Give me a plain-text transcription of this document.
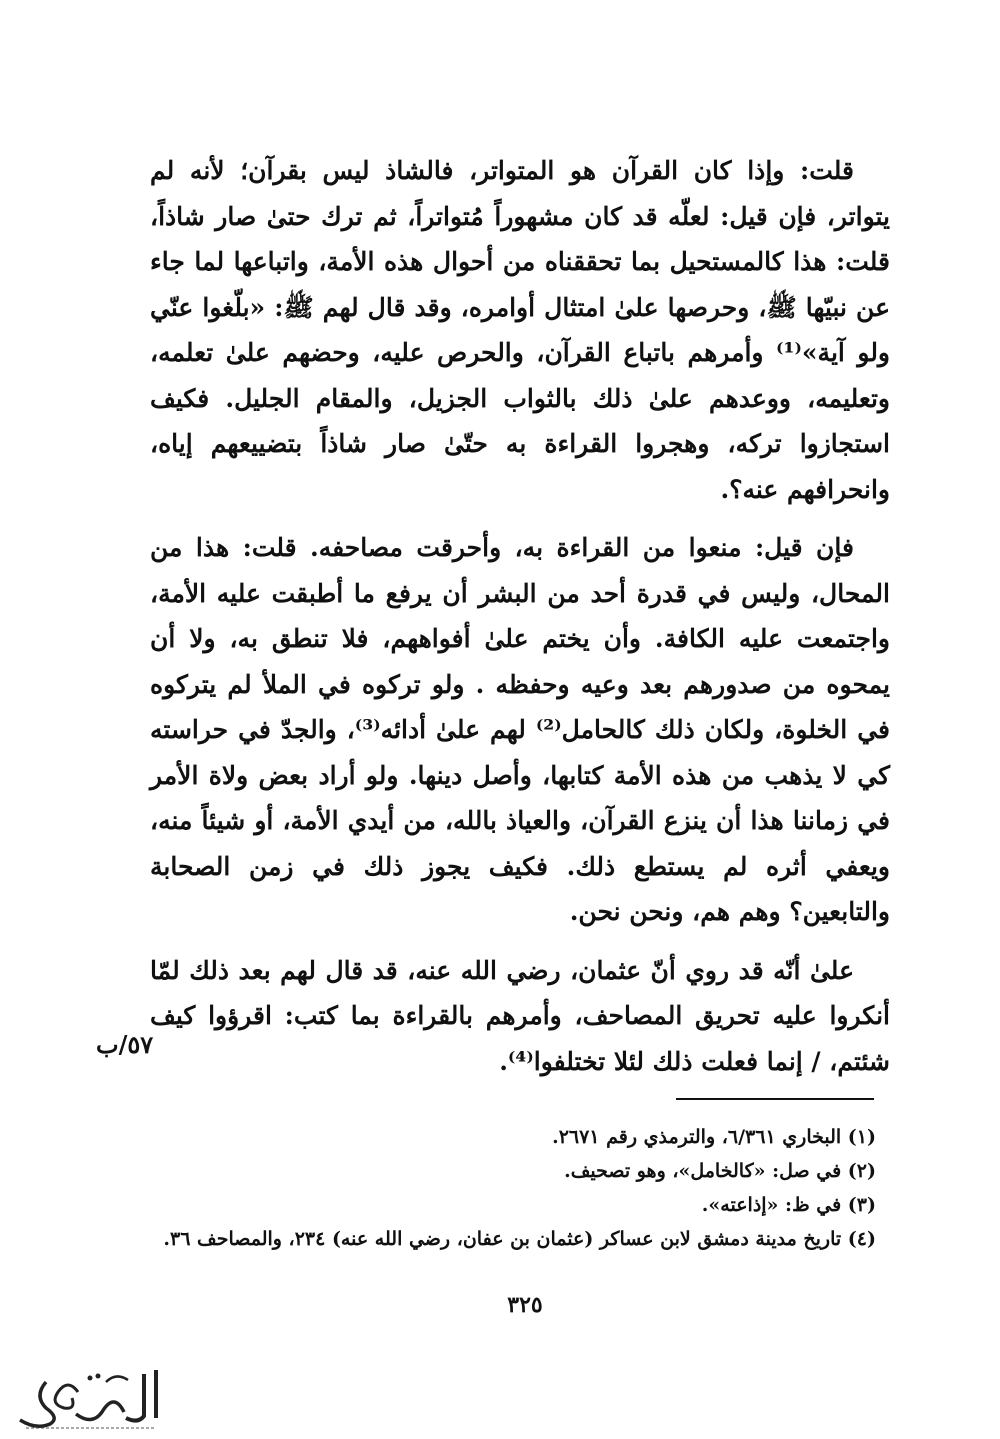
قلت: وإذا كان القرآن هو المتواتر، فالشاذ ليس بقرآن؛ لأنه لم يتواتر، فإن قيل: لعلّه قد كان مشهوراً مُتواتراً، ثم ترك حتىٰ صار شاذاً، قلت: هذا كالمستحيل بما تحققناه من أحوال هذه الأمة، واتباعها لما جاء عن نبيّها ﷺ، وحرصها علىٰ امتثال أوامره، وقد قال لهم ﷺ: «بلّغوا عنّي ولو آية»⁽¹⁾ وأمرهم باتباع القرآن، والحرص عليه، وحضهم علىٰ تعلمه، وتعليمه، ووعدهم علىٰ ذلك بالثواب الجزيل، والمقام الجليل. فكيف استجازوا تركه، وهجروا القراءة به حتّىٰ صار شاذاً بتضييعهم إياه، وانحرافهم عنه؟.

فإن قيل: منعوا من القراءة به، وأحرقت مصاحفه. قلت: هذا من المحال، وليس في قدرة أحد من البشر أن يرفع ما أطبقت عليه الأمة، واجتمعت عليه الكافة. وأن يختم علىٰ أفواههم، فلا تنطق به، ولا أن يمحوه من صدورهم بعد وعيه وحفظه . ولو تركوه في الملأ لم يتركوه في الخلوة، ولكان ذلك كالحامل⁽²⁾ لهم علىٰ أدائه⁽³⁾، والجدّ في حراسته كي لا يذهب من هذه الأمة كتابها، وأصل دينها. ولو أراد بعض ولاة الأمر في زماننا هذا أن ينزع القرآن، والعياذ بالله، من أيدي الأمة، أو شيئاً منه، ويعفي أثره لم يستطع ذلك. فكيف يجوز ذلك في زمن الصحابة والتابعين؟ وهم هم، ونحن نحن.

علىٰ أنّه قد روي أنّ عثمان، رضي الله عنه، قد قال لهم بعد ذلك لمّا أنكروا عليه تحريق المصاحف، وأمرهم بالقراءة بما كتب: اقرؤوا كيف شئتم، / إنما فعلت ذلك لئلا تختلفوا⁽⁴⁾.

٥٧/ب
(١) البخاري ٦/٣٦١، والترمذي رقم ٢٦٧١.
(٢) في صل: «كالخامل»، وهو تصحيف.
(٣) في ظ: «إذاعته».
(٤) تاريخ مدينة دمشق لابن عساكر (عثمان بن عفان، رضي الله عنه) ٢٣٤، والمصاحف ٣٦.
٣٢٥
